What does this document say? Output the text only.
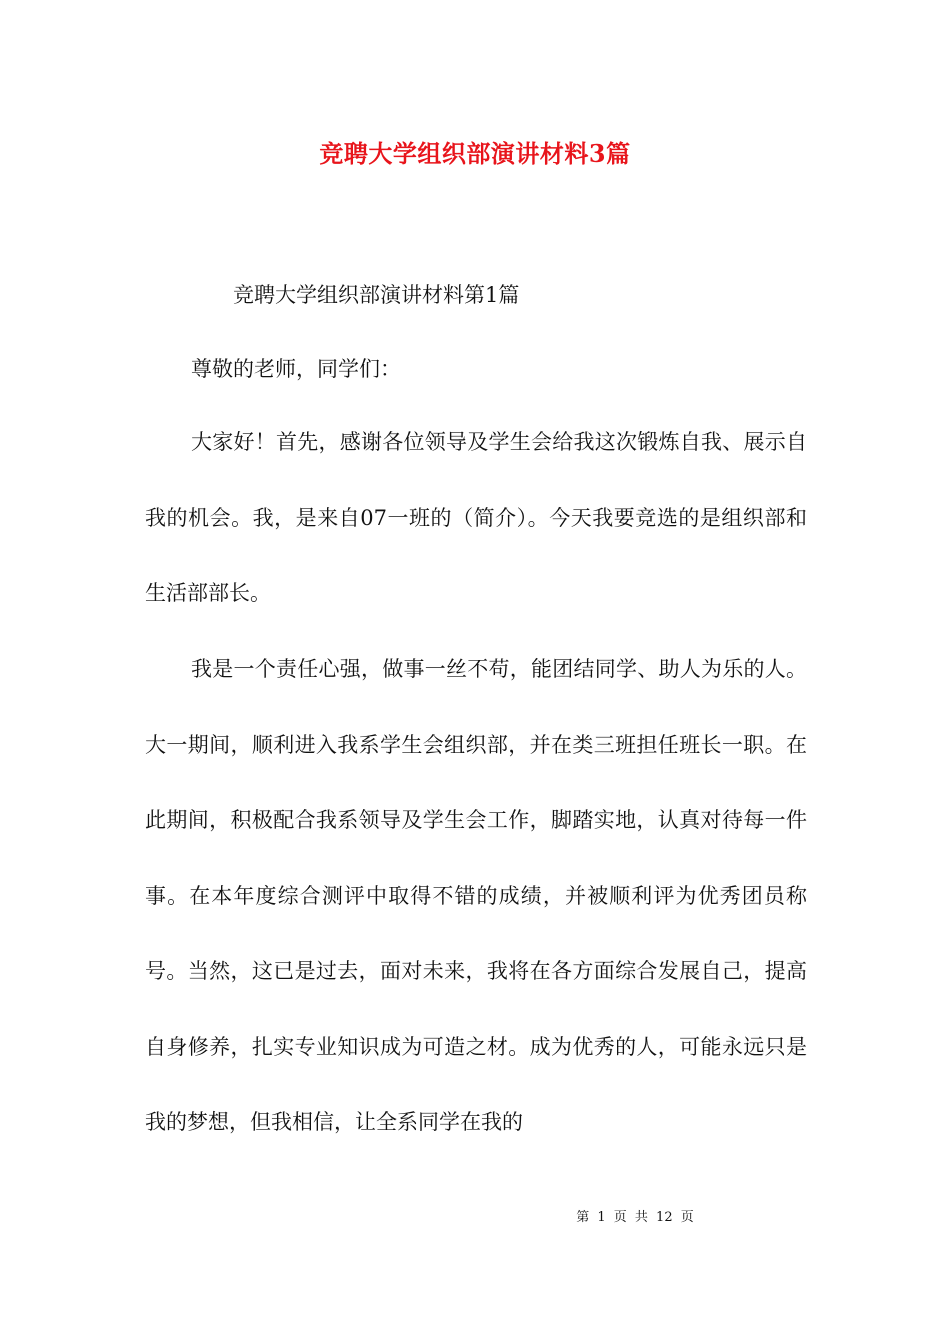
竞聘大学组织部演讲材料3篇

竞聘大学组织部演讲材料第1篇

尊敬的老师，同学们：

大家好！首先，感谢各位领导及学生会给我这次锻炼自我、展示自我的机会。我，是来自07一班的（简介）。今天我要竞选的是组织部和生活部部长。

我是一个责任心强，做事一丝不苟，能团结同学、助人为乐的人。大一期间，顺利进入我系学生会组织部，并在类三班担任班长一职。在此期间，积极配合我系领导及学生会工作，脚踏实地，认真对待每一件事。在本年度综合测评中取得不错的成绩，并被顺利评为优秀团员称号。当然，这已是过去，面对未来，我将在各方面综合发展自己，提高自身修养，扎实专业知识成为可造之材。成为优秀的人，可能永远只是我的梦想，但我相信，让全系同学在我的

第 1 页 共 12 页
